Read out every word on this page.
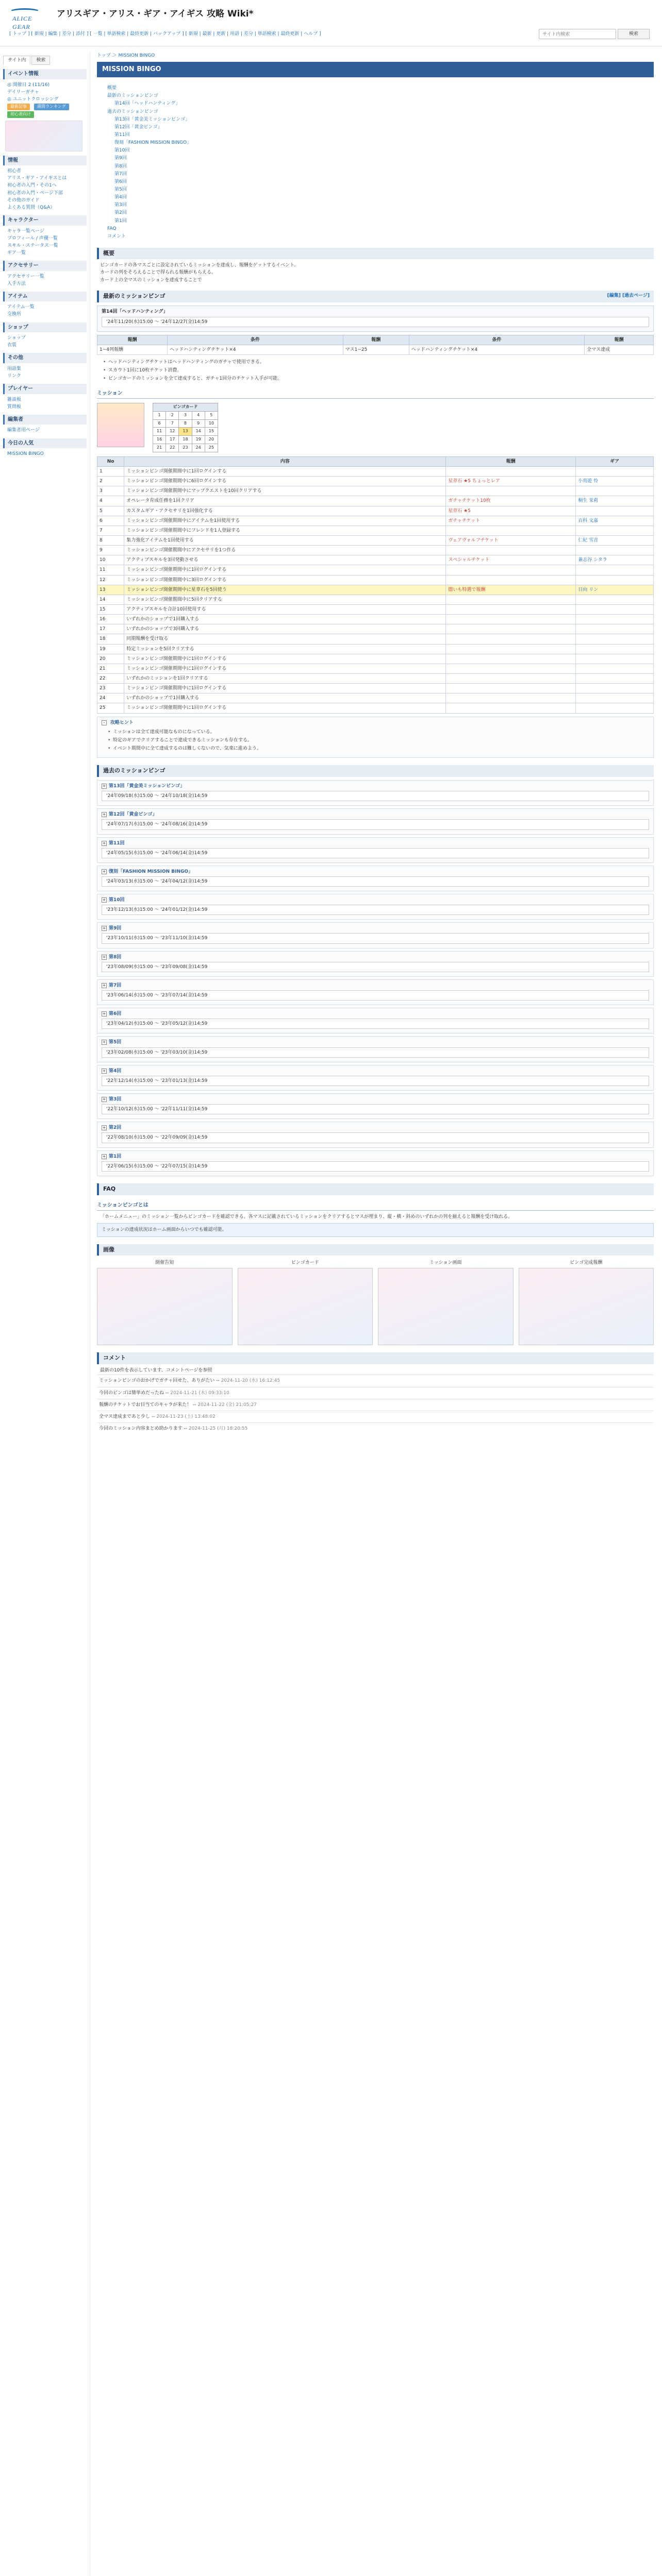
ALICE GEAR
アリスギア・アリス・ギア・アイギス 攻略 Wiki*
[ トップ ] [ 新規 | 編集 | 差分 | 添付 ] [ 一覧 | 単語検索 | 最終更新 | バックアップ ] [ 新規 | 最新 | 更新 | 用語 | 差分 | 単語検索 | 最終更新 | ヘルプ ]
サイト内検索	検索
サイト内	検索
イベント情報
◎ 開催日 2 (11/16)
デイリーガチャ
◎ ユニットクロッシング
最新記事	週間ランキング初心者向け
情報
初心者
アリス・ギア・アイギスとは
初心者の入門・その1へ
初心者の入門・ページ下部
その他のガイド
よくある質問（Q&A）
キャラクター
キャラ一覧ページ
プロフィール / 声優一覧
スキル・ステータス一覧
ギア一覧
アクセサリー
アクセサリー一覧
入手方法
アイテム
アイテム一覧
交換所
ショップ
ショップ
衣装
その他
用語集
リンク
プレイヤー
雑談板
質問板
編集者
編集者用ページ
今日の人気
MISSION BINGO
トップ ＞ MISSION BINGO
MISSION BINGO
概要
最新のミッションビンゴ
第14回「ヘッドハンティング」
過去のミッションビンゴ
第13回「黄金美ミッションビンゴ」
第12回「黄金ビンゴ」
第11回
復刻「FASHION MISSION BINGO」
第10回
第9回
第8回
第7回
第6回
第5回
第4回
第3回
第2回
第1回
FAQ
コメント
概要
ビンゴカードの各マスごとに設定されているミッションを達成し、報酬をゲットするイベント。
カードの列をそろえることで得られる報酬がもらえる。
カード上の全マスのミッションを達成することで
最新のミッションビンゴ	[編集] [過去ページ]
第14回「ヘッドハンティング」
'24年11/20(水)15:00 ～ '24年12/27(金)14:59
報酬	条件	報酬	条件	報酬
1~4列報酬	ヘッドハンティングチケット×4	マス1~25	ヘッドハンティングチケット×4	全マス達成
• ヘッドハンティングチケットはヘッドハンティングのガチャで使用できる。
• スカウト1回に10枚チケット消費。
• ビンゴカードのミッションを全て達成すると、ガチャ1回分のチケット入手が可能。
ミッション
ビンゴカード				
1	2	3	4	5
6	7	8	9	10
11	12	13	14	15
16	17	18	19	20
21	22	23	24	25
No	内容	報酬	ギア
1	ミッションビンゴ開催期間中に1回ログインする		
2	ミッションビンゴ開催期間中に6回ログインする	星章石 ★5 ちょっとレア	小鳥遊 怜
3	ミッションビンゴ開催期間中にマップクエストを10回クリアする		
4	オペレータ育成任務を1回クリア	ガチャチケット10枚	桐生 茉莉
5	カスタムギア・アクセサリを1回強化する	星章石 ★5	
6	ミッションビンゴ開催期間中にアイテムを1回使用する	ガチャチケット	百科 文嘉
7	ミッションビンゴ開催期間中にフレンドを1人登録する		
8	集力強化アイテムを1回使用する	ヴェアヴォルフチケット	仁紀 雪音
9	ミッションビンゴ開催期間中にアクセサリを1つ作る		
10	アクティブスキルを3回発動させる	スペシャルチケット	兼志谷 シタラ
11	ミッションビンゴ開催期間中に1回ログインする		
12	ミッションビンゴ開催期間中に3回ログインする		
13	ミッションビンゴ開催期間中に星章石を5回使う	闇いも特選で報酬	日向 リン
14	ミッションビンゴ開催期間中に5回クリアする		
15	アクティブスキルを合計10回使用する		
16	いずれかのショップで1回購入する		
17	いずれかのショップで3回購入する		
18	同期報酬を受け取る		
19	特定ミッションを5回クリアする		
20	ミッションビンゴ開催期間中に1回ログインする		
21	ミッションビンゴ開催期間中に1回ログインする		
22	いずれかのミッションを1回クリアする		
23	ミッションビンゴ開催期間中に1回ログインする		
24	いずれかのショップで1回購入する		
25	ミッションビンゴ開催期間中に1回ログインする		
- 攻略ヒント
• ミッションは全て達成可能なものになっている。
• 特定のギアでクリアすることで達成できるミッションも存在する。
• イベント期間中に全て達成するのは難しくないので、気楽に進めよう。
過去のミッションビンゴ
+ 第13回「黄金美ミッションビンゴ」
'24年09/18(水)15:00 ～ '24年10/18(金)14:59
+ 第12回「黄金ビンゴ」
'24年07/17(水)15:00 ～ '24年08/16(金)14:59
+ 第11回
'24年05/15(水)15:00 ～ '24年06/14(金)14:59
+ 復刻「FASHION MISSION BINGO」
'24年03/13(水)15:00 ～ '24年04/12(金)14:59
+ 第10回
'23年12/13(水)15:00 ～ '24年01/12(金)14:59
+ 第9回
'23年10/11(水)15:00 ～ '23年11/10(金)14:59
+ 第8回
'23年08/09(水)15:00 ～ '23年09/08(金)14:59
+ 第7回
'23年06/14(水)15:00 ～ '23年07/14(金)14:59
+ 第6回
'23年04/12(水)15:00 ～ '23年05/12(金)14:59
+ 第5回
'23年02/08(水)15:00 ～ '23年03/10(金)14:59
+ 第4回
'22年12/14(水)15:00 ～ '23年01/13(金)14:59
+ 第3回
'22年10/12(水)15:00 ～ '22年11/11(金)14:59
+ 第2回
'22年08/10(水)15:00 ～ '22年09/09(金)14:59
+ 第1回
'22年06/15(水)15:00 ～ '22年07/15(金)14:59
FAQ
ミッションビンゴとは
「ホームメニュー」のミッション一覧からビンゴカードを確認できる。各マスに記載されているミッションをクリアするとマスが埋まり、縦・横・斜めのいずれかの列を揃えると報酬を受け取れる。
ミッションの達成状況はホーム画面からいつでも確認可能。
画像
開催告知	ビンゴカード	ミッション画面	ビンゴ完成報酬
コメント
最新の10件を表示しています。コメントページを参照
ミッションビンゴのおかげでガチャ回せた、ありがたい -- 2024-11-20 (水) 16:12:45
今回のビンゴは簡単めだったね -- 2024-11-21 (木) 09:33:10
報酬のチケットでお目当てのキャラが来た！ -- 2024-11-22 (金) 21:05:27
全マス達成まであと少し -- 2024-11-23 (土) 13:48:02
今回のミッション内容まとめ助かります -- 2024-11-25 (月) 18:20:55
